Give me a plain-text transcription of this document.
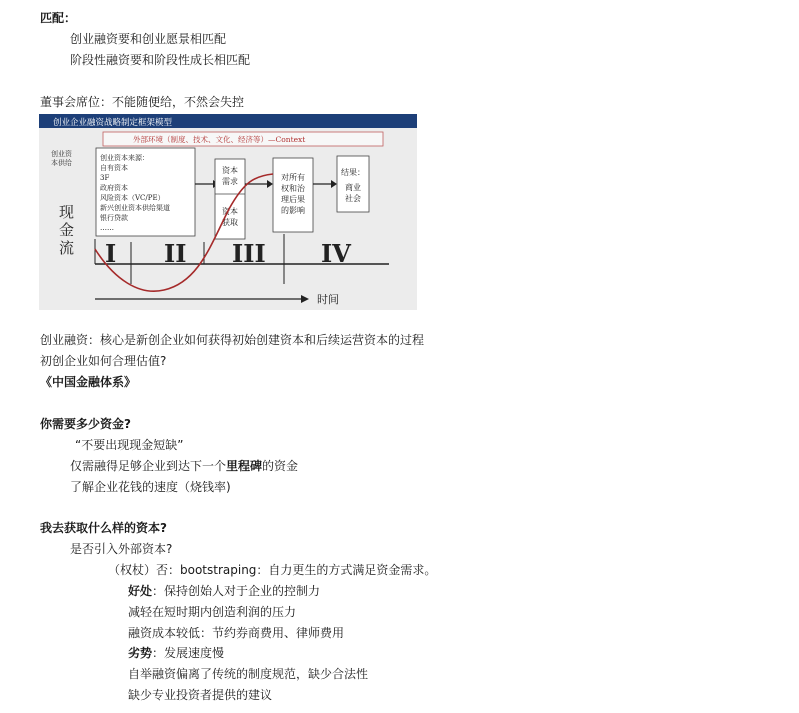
匹配：
创业融资要和创业愿景相匹配
阶段性融资要和阶段性成长相匹配
董事会席位：不能随便给，不然会失控
创业企业融资战略制定框架模型
外部环境（制度、技术、文化、经济等）—Context
创业资
本供给
现
金
流
创业资本来源：
自有资本
3F
政府资本
风险资本（VC/PE）
新兴创业资本供给渠道
银行贷款
……
资本
需求
资本
获取
对所有
权和治
理后果
的影响
结果：
商业
社会
I II III IV
时间
创业融资：核心是新创企业如何获得初始创建资本和后续运营资本的过程
初创企业如何合理估值?
《中国金融体系》
你需要多少资金?
“不要出现现金短缺”
仅需融得足够企业到达下一个里程碑的资金
了解企业花钱的速度（烧钱率)
我去获取什么样的资本?
是否引入外部资本?
（权杖）否：bootstraping：自力更生的方式满足资金需求。
好处：保持创始人对于企业的控制力
减轻在短时期内创造利润的压力
融资成本较低：节约券商费用、律师费用
劣势：发展速度慢
自举融资偏离了传统的制度规范，缺少合法性
缺少专业投资者提供的建议
